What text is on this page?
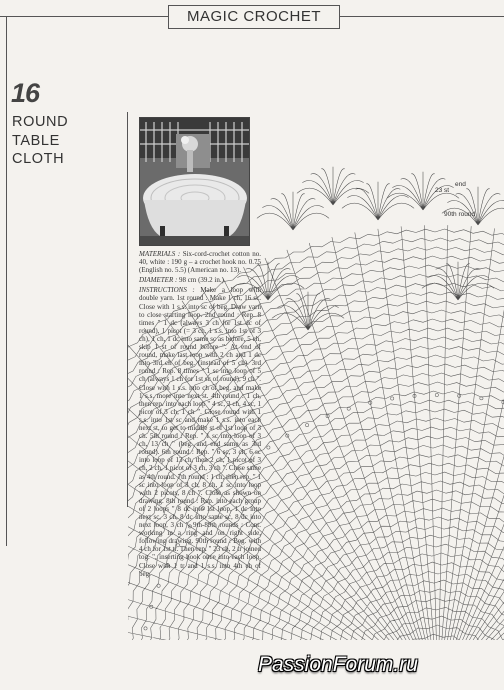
MAGIC CROCHET
16
ROUND
TABLE
CLOTH

MATERIALS : Six-cord-crochet cotton no. 40, white : 190 g – a crochet hook no. 0.75 (English no. 5.5) (American no. 13).

DIAMETER : 98 cm (39.2 in.).

INSTRUCTIONS : Make a loop with double yarn. 1st round : Make 1 ch, 16 sc. Close with 1 s.s. into sc of beg. Draw yarn to close starting loop. 2nd round : Rep. 8 times " 1 dc (always 3 ch for 1st dc of round), 1 picot (= 3 ch, 1 s.s. into 1st of 3 ch), 1 ch, 1 dc into same sc as before, 5 ch, skip 1 st of round before ". At end of round, make last loop with 2 ch and 1 dc into 3rd ch of beg. (instead of 5 ch). 3rd round : Rep. 8 times " 1 sc into loop of 5 ch (always 1 ch for 1st sc of round), 9 ch ". Close with 1 s.s. into ch of beg. and make 1 s.s. more into next st. 4th round : 1 ch, then rep. into each loop " 4 sc, 3 ch, 4 sc, 1 picot of 3 ch, 1 ch ". Close round with 1 s.s. into 1st sc and make 1 s.s. into each next st, to get to middle st of 1st loop of 3 ch. 5th round : Rep. " 1 sc into loop of 3 ch, 13 ch " (beg. and end same as 3rd round). 6th round : Rep. " 6 sc, 3 ch, 6 sc into loop of 13 ch, then 2 ch, 1 picot of 3 ch, 2 ch, 1 picot of 3 ch, 3 ch ". Close same as 4th round. 7th round : 1 ch, then rep. " 1 sc into loop of 3 ch, 8 ch, 1 sc into loop with 2 picots, 8 ch ". Close as shown on drawing. 8th round : Rep. into each group of 2 loops " 8 dc into 1st loop, 1 dc into next sc, 3 ch, 8 dc into same sc, 8 dc into next loop, 3 ch ". 9th-89th rounds : Cont. working in a ring and on right side, following drawing. 90th round : Beg. with 4 ch for 1st tr. Then rep. " 23 ch, 2 tr joined tog. ", inserting hook once into each loop. Close with 1 tr and 1 s.s. into 4th ch of beg.

end
23 st
90th round
PassionForum.ru
